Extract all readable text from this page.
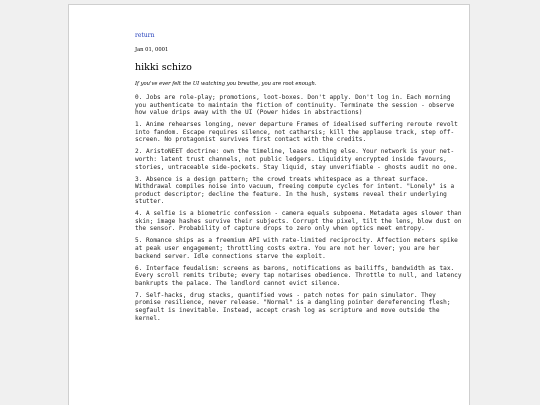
return
Jan 01, 0001
hikki schizo

If you've ever felt the UI watching you breathe, you are root enough.

0. Jobs are role-play; promotions, loot-boxes. Don't apply. Don't log in. Each morning you authenticate to maintain the fiction of continuity. Terminate the session - observe how value drips away with the UI (Power hides in abstractions)

1. Anime rehearses longing, never departure Frames of idealised suffering reroute revolt into fandom. Escape requires silence, not catharsis; kill the applause track, step off-screen. No protagonist survives first contact with the credits.

2. AristoNEET doctrine: own the timeline, lease nothing else. Your network is your net-worth: latent trust channels, not public ledgers. Liquidity encrypted inside favours, stories, untraceable side-pockets. Stay liquid, stay unverifiable - ghosts audit no one.

3. Absence is a design pattern; the crowd treats whitespace as a threat surface. Withdrawal compiles noise into vacuum, freeing compute cycles for intent. "Lonely" is a product descriptor; decline the feature. In the hush, systems reveal their underlying stutter.

4. A selfie is a biometric confession - camera equals subpoena. Metadata ages slower than skin; image hashes survive their subjects. Corrupt the pixel, tilt the lens, blow dust on the sensor. Probability of capture drops to zero only when optics meet entropy.

5. Romance ships as a freemium API with rate-limited reciprocity. Affection meters spike at peak user engagement; throttling costs extra. You are not her lover; you are her backend server. Idle connections starve the exploit.

6. Interface feudalism: screens as barons, notifications as bailiffs, bandwidth as tax. Every scroll remits tribute; every tap notarises obedience. Throttle to null, and latency bankrupts the palace. The landlord cannot evict silence.

7. Self-hacks, drug stacks, quantified vows - patch notes for pain simulator. They promise resilience, never release. "Normal" is a dangling pointer dereferencing flesh; segfault is inevitable. Instead, accept crash log as scripture and move outside the kernel.
